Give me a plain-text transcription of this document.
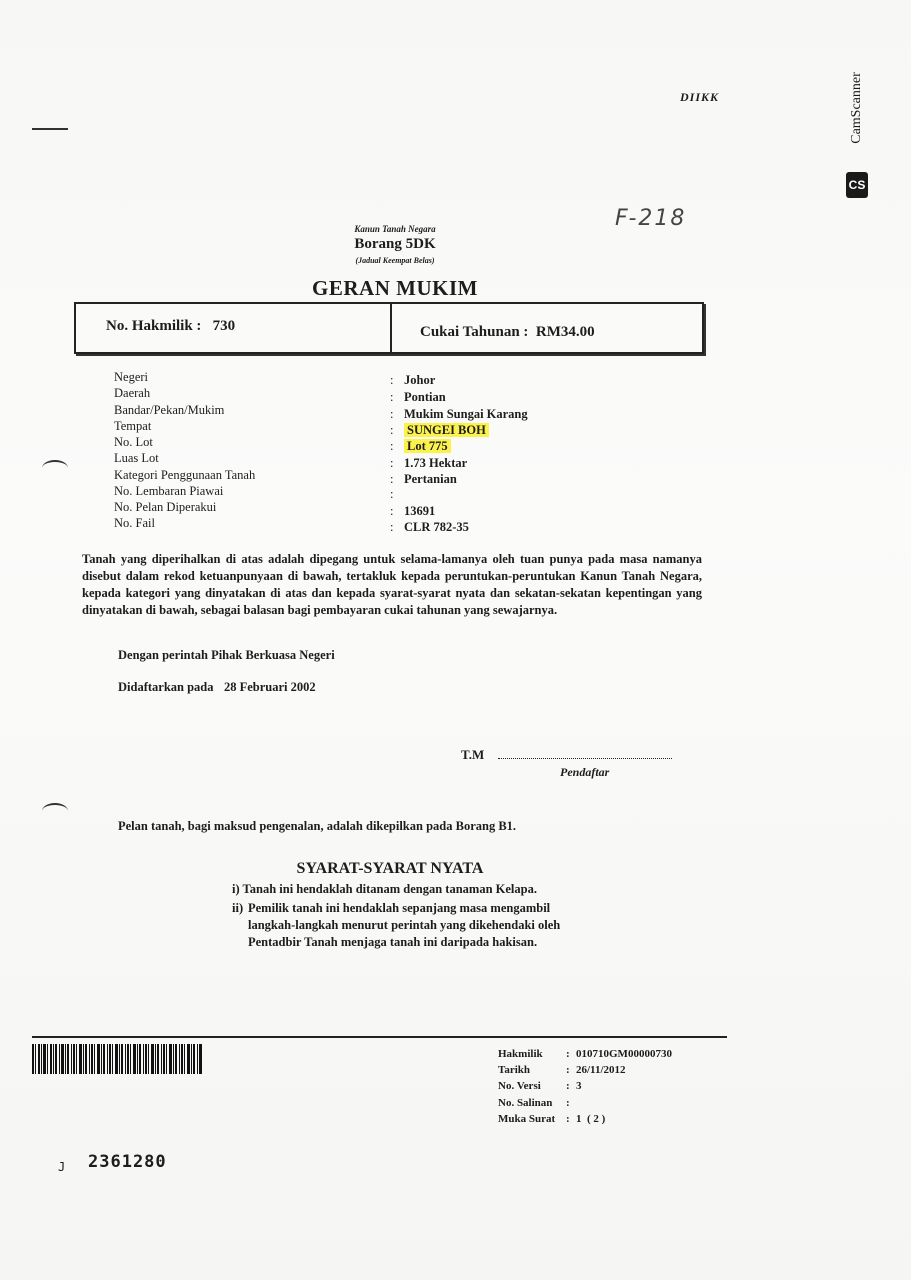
DIIKK	CamScanner
CS
F-218
Kanun Tanah Negara
Borang 5DK
(Jadual Keempat Belas)
GERAN MUKIM
No. Hakmilik :   730	Cukai Tahunan :  RM34.00
Negeri	: Johor
Daerah	: Pontian
Bandar/Pekan/Mukim	: Mukim Sungai Karang
Tempat	: SUNGEI BOH
No. Lot	: Lot 775
Luas Lot	: 1.73 Hektar
Kategori Penggunaan Tanah	: Pertanian
No. Lembaran Piawai	:
No. Pelan Diperakui	: 13691
No. Fail	: CLR 782-35
Tanah yang diperihalkan di atas adalah dipegang untuk selama-lamanya oleh tuan punya pada masa namanya disebut dalam rekod ketuanpunyaan di bawah, tertakluk kepada peruntukan-peruntukan Kanun Tanah Negara, kepada kategori yang dinyatakan di atas dan kepada syarat-syarat nyata dan sekatan-sekatan kepentingan yang dinyatakan di bawah, sebagai balasan bagi pembayaran cukai tahunan yang sewajarnya.
Dengan perintah Pihak Berkuasa Negeri
Didaftarkan pada 28 Februari 2002
T.M
Pendaftar
Pelan tanah, bagi maksud pengenalan, adalah dikepilkan pada Borang B1.
SYARAT-SYARAT NYATA
i) Tanah ini hendaklah ditanam dengan tanaman Kelapa.
ii) Pemilik tanah ini hendaklah sepanjang masa mengambil langkah-langkah menurut perintah yang dikehendaki oleh Pentadbir Tanah menjaga tanah ini daripada hakisan.
Hakmilik : 010710GM00000730
Tarikh	: 26/11/2012
No. Versi : 3
No. Salinan :
Muka Surat : 1  ( 2 )
J 2361280
